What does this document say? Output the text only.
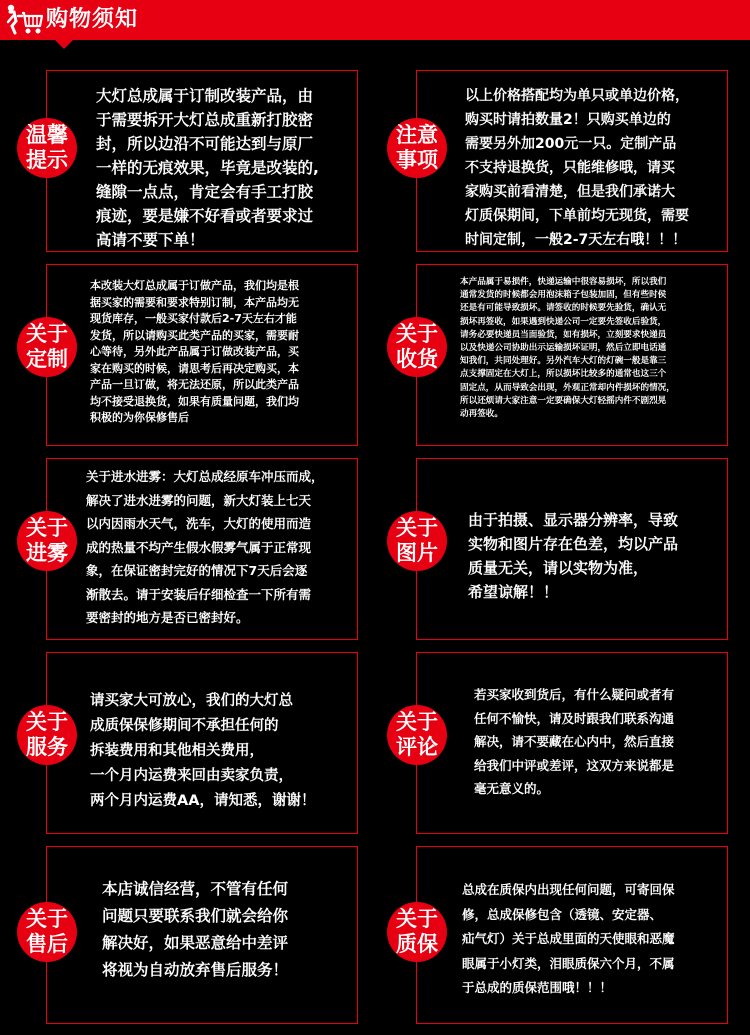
购物须知
温馨提示
大灯总成属于订制改装产品，由
于需要拆开大灯总成重新打胶密
封，所以边沿不可能达到与原厂
一样的无痕效果，毕竟是改装的,
缝隙一点点，肯定会有手工打胶
痕迹，要是嫌不好看或者要求过
高请不要下单！
注意事项
以上价格搭配均为单只或单边价格，
购买时请拍数量2！只购买单边的
需要另外加200元一只。定制产品
不支持退换货，只能维修哦，请买
家购买前看清楚，但是我们承诺大
灯质保期间，下单前均无现货，需要
时间定制，一般2-7天左右哦！！！
关于定制
本改装大灯总成属于订做产品，我们均是根
据买家的需要和要求特别订制，本产品均无
现货库存，一般买家付款后2-7天左右才能
发货，所以请购买此类产品的买家，需要耐
心等待，另外此产品属于订做改装产品，买
家在购买的时候，请思考后再决定购买，本
产品一旦订做，将无法还原，所以此类产品
均不接受退换货，如果有质量问题，我们均
积极的为你保修售后
关于收货
本产品属于易损件，快递运输中很容易损坏，所以我们
通常发货的时候都会用泡沫箱子包装加固，但有些时侯
还是有可能导致损坏。请签收的时候要先验货，确认无
损坏再签收，如果遇到快递公司一定要先签收后验货，
请务必要快递员当面验货，如有损坏，立刻要求快递员
以及快递公司协助出示运输损坏证明，然后立即电话通
知我们，共同处理好。另外汽车大灯的灯碗一般是靠三
点支撑固定在大灯上，所以损坏比较多的通常也这三个
固定点，从而导致会出现，外观正常却内件损坏的情况，
所以还烦请大家注意一定要确保大灯轻摇内件不剧烈晃
动再签收。
关于进雾
关于进水进雾：大灯总成经原车冲压而成，
解决了进水进雾的问题，新大灯装上七天
以内因雨水天气，洗车，大灯的使用而造
成的热量不均产生假水假雾气属于正常现
象，在保证密封完好的情况下7天后会逐
渐散去。请于安装后仔细检查一下所有需
要密封的地方是否已密封好。
关于图片
由于拍摄、显示器分辨率，导致
实物和图片存在色差，均以产品
质量无关，请以实物为准，
希望谅解！！
关于服务
请买家大可放心，我们的大灯总
成质保保修期间不承担任何的
拆装费用和其他相关费用，
一个月内运费来回由卖家负责，
两个月内运费AA，请知悉，谢谢！
关于评论
若买家收到货后，有什么疑问或者有
任何不愉快，请及时跟我们联系沟通
解决，请不要藏在心内中，然后直接
给我们中评或差评，这双方来说都是
毫无意义的。
关于售后
本店诚信经营，不管有任何
问题只要联系我们就会给你
解决好，如果恶意给中差评
将视为自动放弃售后服务！
关于质保
总成在质保内出现任何问题，可寄回保
修，总成保修包含（透镜、安定器、
疝气灯）关于总成里面的天使眼和恶魔
眼属于小灯类，泪眼质保六个月，不属
于总成的质保范围哦！！！
